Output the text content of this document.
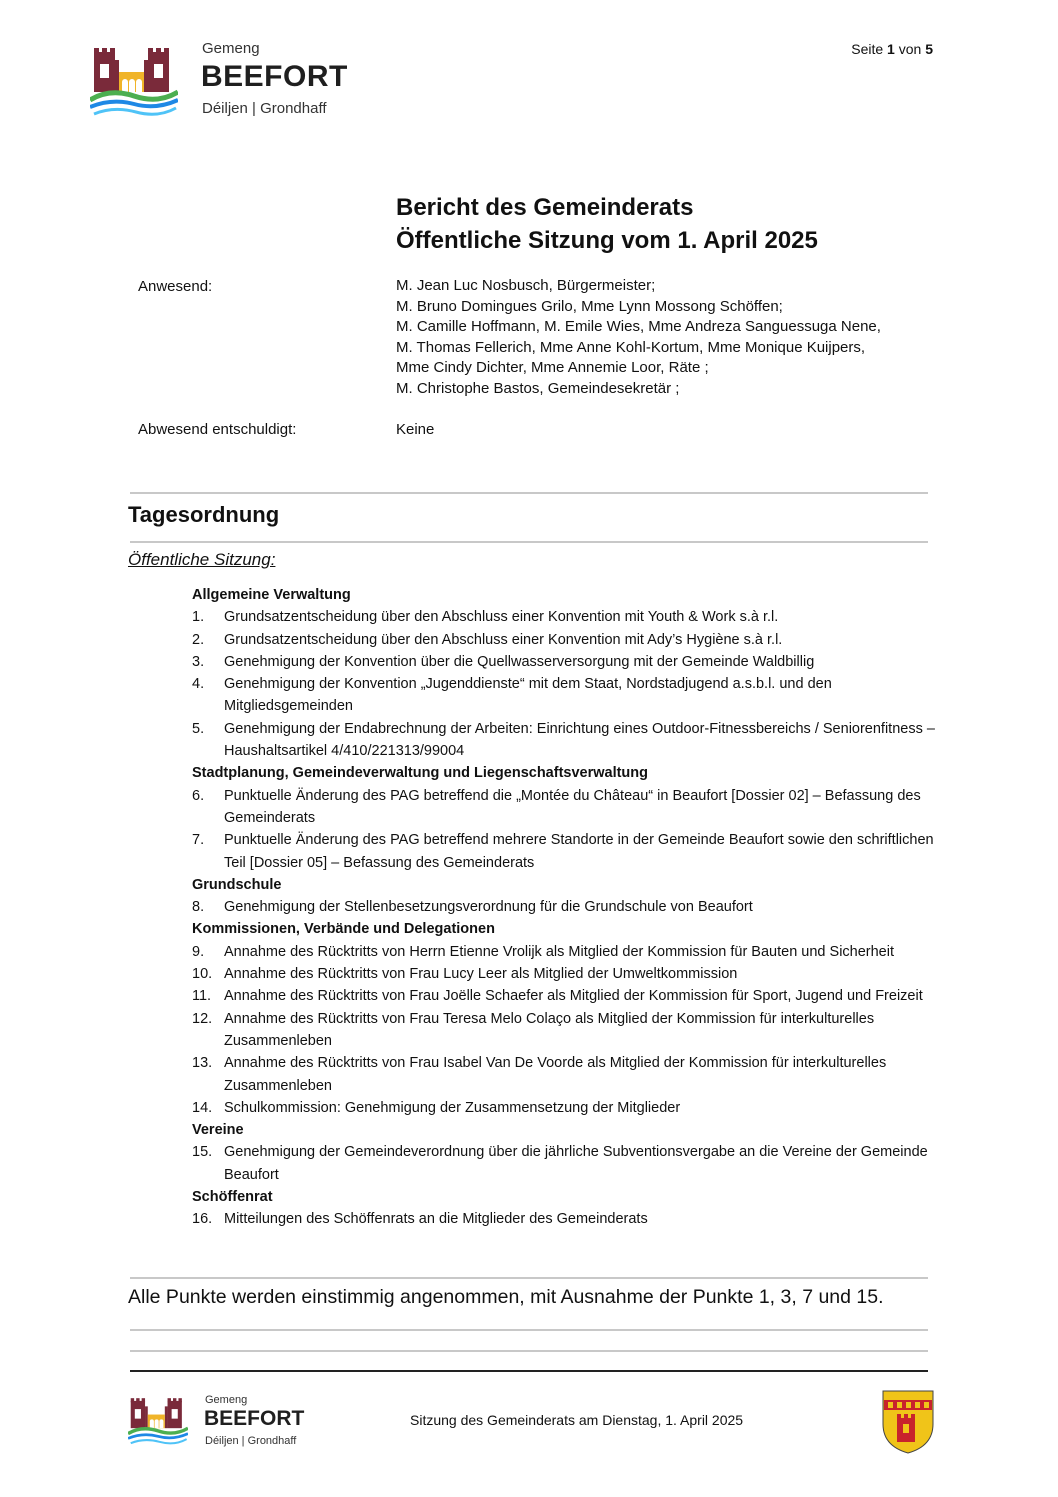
Gemeng
BEEFORT
Déiljen | Grondhaff
Seite 1 von 5
Bericht des Gemeinderats
Öffentliche Sitzung vom 1. April 2025
Anwesend:	M. Jean Luc Nosbusch, Bürgermeister;
M. Bruno Domingues Grilo, Mme Lynn Mossong Schöffen;
M. Camille Hoffmann, M. Emile Wies, Mme Andreza Sanguessuga Nene,
M. Thomas Fellerich, Mme Anne Kohl-Kortum, Mme Monique Kuijpers,
Mme Cindy Dichter, Mme Annemie Loor, Räte ;
M. Christophe Bastos, Gemeindesekretär ;
Abwesend entschuldigt:	Keine
Tagesordnung
Öffentliche Sitzung:
Allgemeine Verwaltung
1.	Grundsatzentscheidung über den Abschluss einer Konvention mit Youth & Work s.à r.l.
2.	Grundsatzentscheidung über den Abschluss einer Konvention mit Ady’s Hygiène s.à r.l.
3.	Genehmigung der Konvention über die Quellwasserversorgung mit der Gemeinde Waldbillig
4.	Genehmigung der Konvention „Jugenddienste“ mit dem Staat, Nordstadjugend a.s.b.l. und den Mitgliedsgemeinden
5.	Genehmigung der Endabrechnung der Arbeiten: Einrichtung eines Outdoor-Fitnessbereichs / Seniorenfitness – Haushaltsartikel 4/410/221313/99004
Stadtplanung, Gemeindeverwaltung und Liegenschaftsverwaltung
6.	Punktuelle Änderung des PAG betreffend die „Montée du Château“ in Beaufort [Dossier 02] – Befassung des Gemeinderats
7.	Punktuelle Änderung des PAG betreffend mehrere Standorte in der Gemeinde Beaufort sowie den schriftlichen Teil [Dossier 05] – Befassung des Gemeinderats
Grundschule
8.	Genehmigung der Stellenbesetzungsverordnung für die Grundschule von Beaufort
Kommissionen, Verbände und Delegationen
9.	Annahme des Rücktritts von Herrn Etienne Vrolijk als Mitglied der Kommission für Bauten und Sicherheit
10. Annahme des Rücktritts von Frau Lucy Leer als Mitglied der Umweltkommission
11. Annahme des Rücktritts von Frau Joëlle Schaefer als Mitglied der Kommission für Sport, Jugend und Freizeit
12. Annahme des Rücktritts von Frau Teresa Melo Colaço als Mitglied der Kommission für interkulturelles Zusammenleben
13. Annahme des Rücktritts von Frau Isabel Van De Voorde als Mitglied der Kommission für interkulturelles Zusammenleben
14. Schulkommission: Genehmigung der Zusammensetzung der Mitglieder
Vereine
15. Genehmigung der Gemeindeverordnung über die jährliche Subventionsvergabe an die Vereine der Gemeinde Beaufort
Schöffenrat
16. Mitteilungen des Schöffenrats an die Mitglieder des Gemeinderats
Alle Punkte werden einstimmig angenommen, mit Ausnahme der Punkte 1, 3, 7 und 15.
Gemeng
BEEFORT
Déiljen | Grondhaff
Sitzung des Gemeinderats am Dienstag, 1. April 2025
